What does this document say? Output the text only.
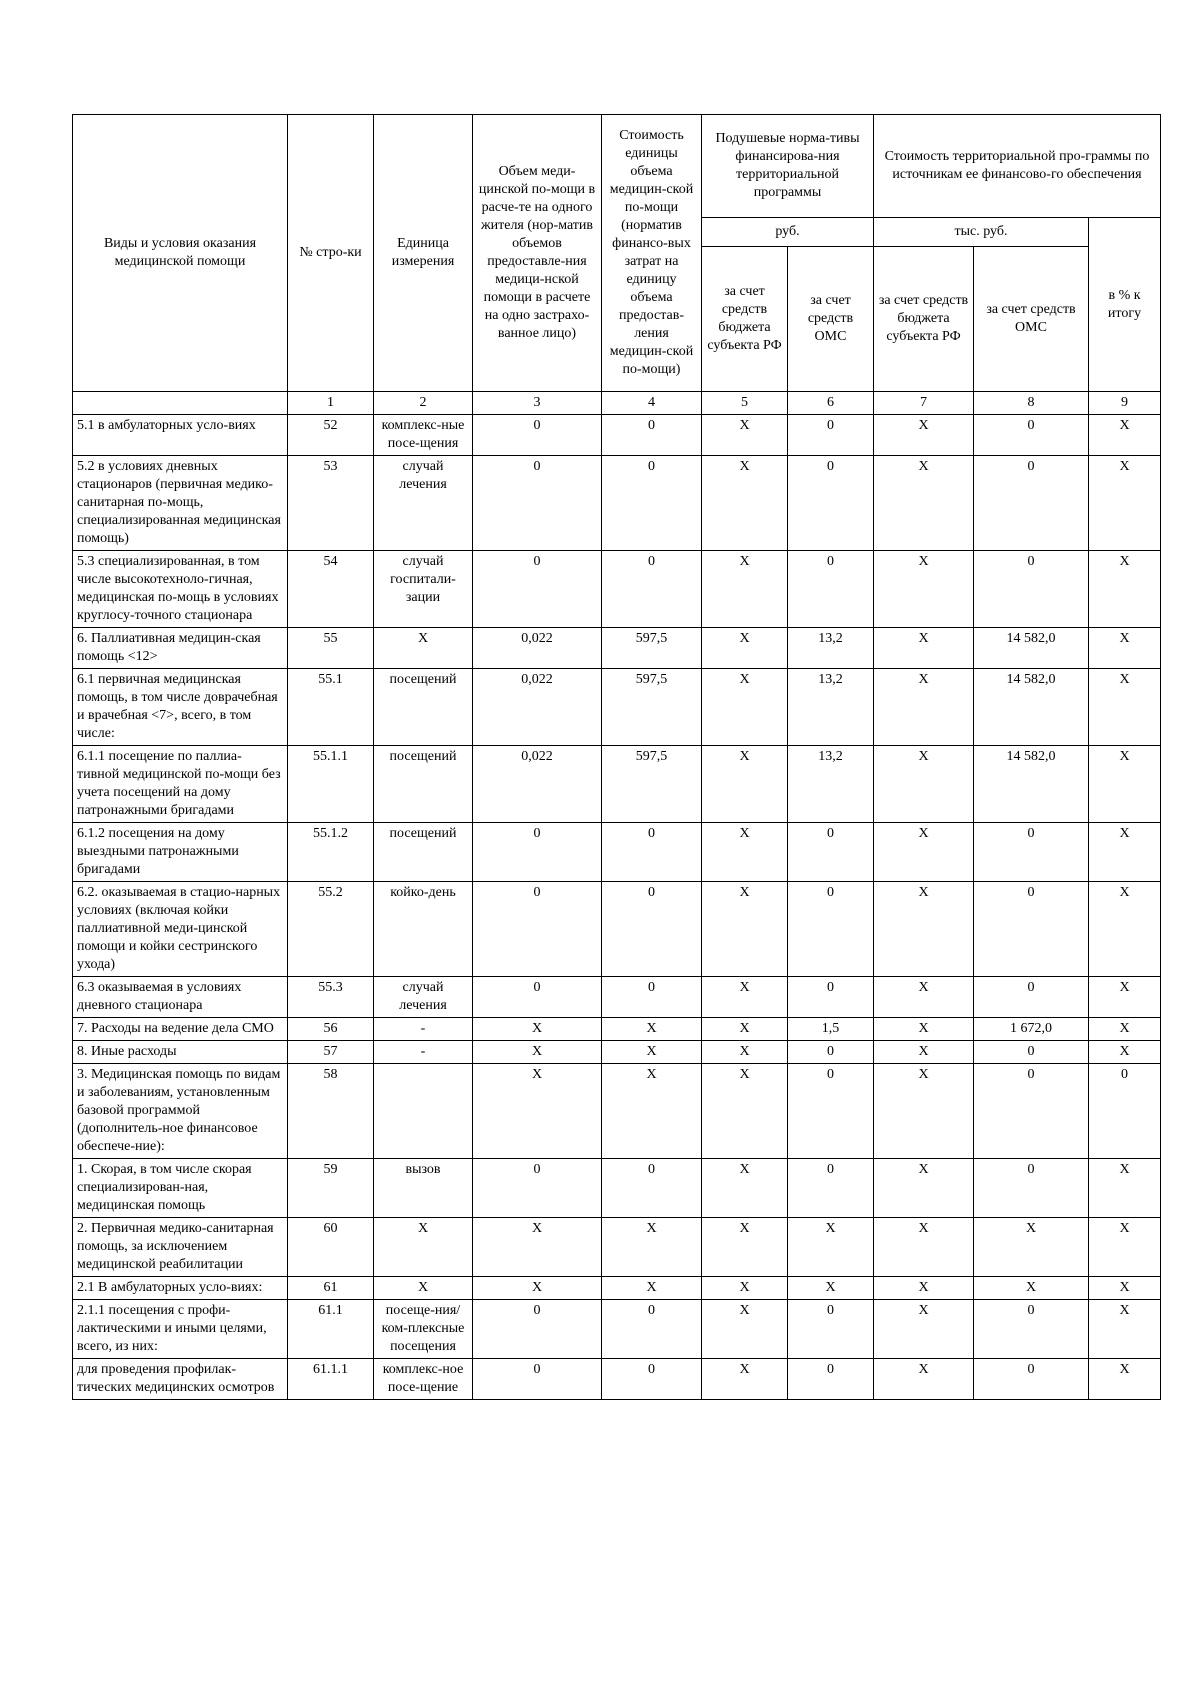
Виды и условия оказания медицинской помощи	№ стро-ки	Единица измерения	Объем меди-цинской по-мощи в расче-те на одного жителя (нор-матив объемов предоставле-ния медици-нской помощи в расчете на одно застрахо-ванное лицо)	Стоимость единицы объема медицин-ской по-мощи (норматив финансо-вых затрат на единицу объема предостав-ления медицин-ской по-мощи)	Подушевые норма-тивы финансирова-ния территориальной программы		Стоимость территориальной про-граммы по источникам ее финансово-го обеспечения		
					руб.		тыс. руб.		в % к итогу
					за счет средств бюджета субъекта РФ	за счет средств ОМС	за счет средств бюджета субъекта РФ	за счет средств ОМС	
	1	2	3	4	5	6	7	8	9
5.1 в амбулаторных усло-виях	52	комплекс-ные посе-щения	0	0	Х	0	Х	0	Х
5.2 в условиях дневных стационаров (первичная медико-санитарная по-мощь, специализированная медицинская помощь)	53	случай лечения	0	0	Х	0	Х	0	Х
5.3 специализированная, в том числе высокотехноло-гичная, медицинская по-мощь в условиях круглосу-точного стационара	54	случай госпитали-зации	0	0	Х	0	Х	0	Х
6. Паллиативная медицин-ская помощь <12>	55	Х	0,022	597,5	Х	13,2	Х	14 582,0	Х
6.1 первичная медицинская помощь, в том числе доврачебная и врачебная <7>, всего, в том числе:	55.1	посещений	0,022	597,5	Х	13,2	Х	14 582,0	Х
6.1.1 посещение по паллиа-тивной медицинской по-мощи без учета посещений на дому патронажными бригадами	55.1.1	посещений	0,022	597,5	Х	13,2	Х	14 582,0	Х
6.1.2 посещения на дому выездными патронажными бригадами	55.1.2	посещений	0	0	Х	0	Х	0	Х
6.2. оказываемая в стацио-нарных условиях (включая койки паллиативной меди-цинской помощи и койки сестринского ухода)	55.2	койко-день	0	0	Х	0	Х	0	Х
6.3 оказываемая в условиях дневного стационара	55.3	случай лечения	0	0	Х	0	Х	0	Х
7. Расходы на ведение дела СМО	56	-	Х	Х	Х	1,5	Х	1 672,0	Х
8. Иные расходы	57	-	Х	Х	Х	0	Х	0	Х
3. Медицинская помощь по видам и заболеваниям, установленным базовой программой (дополнитель-ное финансовое обеспече-ние):	58		Х	Х	Х	0	Х	0	0
1. Скорая, в том числе скорая специализирован-ная, медицинская помощь	59	вызов	0	0	Х	0	Х	0	Х
2. Первичная медико-санитарная помощь, за исключением медицинской реабилитации	60	Х	Х	Х	Х	Х	Х	Х	Х
2.1 В амбулаторных усло-виях:	61	Х	Х	Х	Х	Х	Х	Х	Х
2.1.1 посещения с профи-лактическими и иными целями, всего, из них:	61.1	посеще-ния/ ком-плексные посещения	0	0	Х	0	Х	0	Х
для проведения профилак-тических медицинских осмотров	61.1.1	комплекс-ное посе-щение	0	0	Х	0	Х	0	Х
